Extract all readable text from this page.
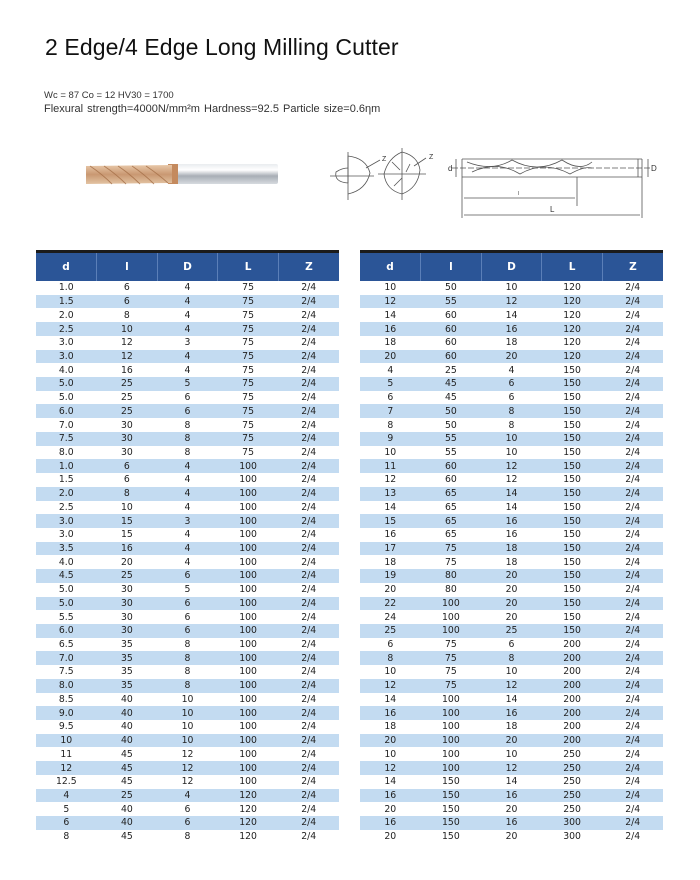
2 Edge/4 Edge Long Milling Cutter
Wc = 87 Co = 12 HV30 = 1700
Flexural strength=4000N/mm²m Hardness=92.5 Particle size=0.6ηm
Z	Z
d	D
l
L
d	l	D	L	Z
1.0	6	4	75	2/4
1.5	6	4	75	2/4
2.0	8	4	75	2/4
2.5	10	4	75	2/4
3.0	12	3	75	2/4
3.0	12	4	75	2/4
4.0	16	4	75	2/4
5.0	25	5	75	2/4
5.0	25	6	75	2/4
6.0	25	6	75	2/4
7.0	30	8	75	2/4
7.5	30	8	75	2/4
8.0	30	8	75	2/4
1.0	6	4	100	2/4
1.5	6	4	100	2/4
2.0	8	4	100	2/4
2.5	10	4	100	2/4
3.0	15	3	100	2/4
3.0	15	4	100	2/4
3.5	16	4	100	2/4
4.0	20	4	100	2/4
4.5	25	6	100	2/4
5.0	30	5	100	2/4
5.0	30	6	100	2/4
5.5	30	6	100	2/4
6.0	30	6	100	2/4
6.5	35	8	100	2/4
7.0	35	8	100	2/4
7.5	35	8	100	2/4
8.0	35	8	100	2/4
8.5	40	10	100	2/4
9.0	40	10	100	2/4
9.5	40	10	100	2/4
10	40	10	100	2/4
11	45	12	100	2/4
12	45	12	100	2/4
12.5	45	12	100	2/4
4	25	4	120	2/4
5	40	6	120	2/4
6	40	6	120	2/4
8	45	8	120	2/4
d	l	D	L	Z
10	50	10	120	2/4
12	55	12	120	2/4
14	60	14	120	2/4
16	60	16	120	2/4
18	60	18	120	2/4
20	60	20	120	2/4
4	25	4	150	2/4
5	45	6	150	2/4
6	45	6	150	2/4
7	50	8	150	2/4
8	50	8	150	2/4
9	55	10	150	2/4
10	55	10	150	2/4
11	60	12	150	2/4
12	60	12	150	2/4
13	65	14	150	2/4
14	65	14	150	2/4
15	65	16	150	2/4
16	65	16	150	2/4
17	75	18	150	2/4
18	75	18	150	2/4
19	80	20	150	2/4
20	80	20	150	2/4
22	100	20	150	2/4
24	100	20	150	2/4
25	100	25	150	2/4
6	75	6	200	2/4
8	75	8	200	2/4
10	75	10	200	2/4
12	75	12	200	2/4
14	100	14	200	2/4
16	100	16	200	2/4
18	100	18	200	2/4
20	100	20	200	2/4
10	100	10	250	2/4
12	100	12	250	2/4
14	150	14	250	2/4
16	150	16	250	2/4
20	150	20	250	2/4
16	150	16	300	2/4
20	150	20	300	2/4
